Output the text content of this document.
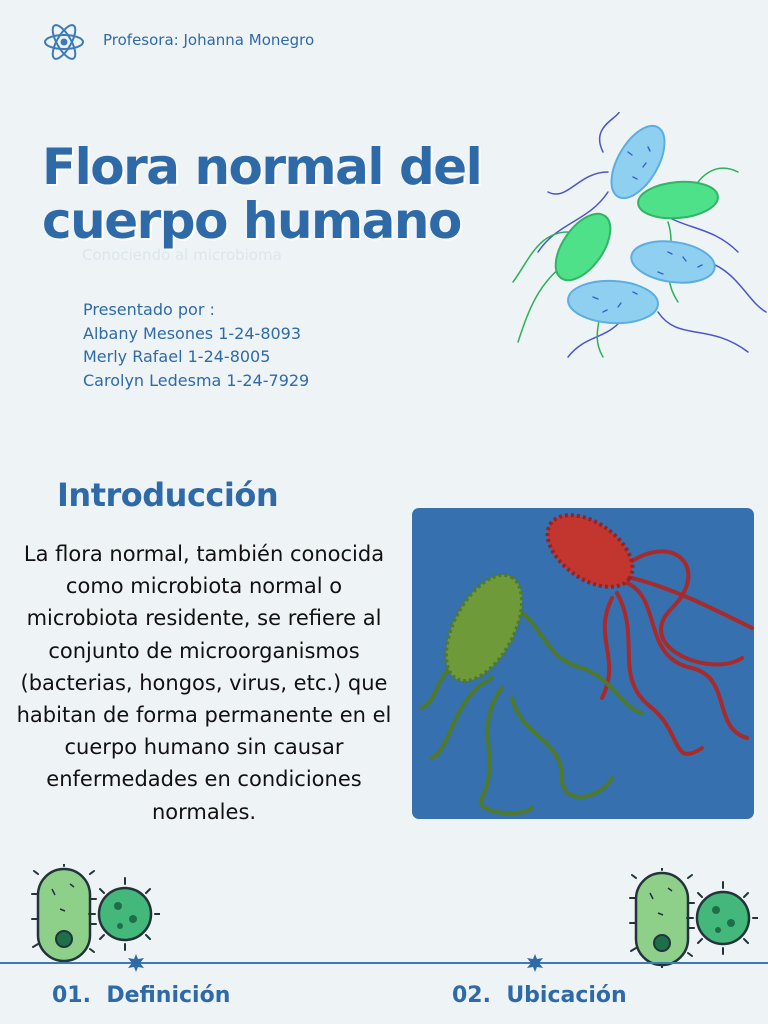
Profesora: Johanna Monegro
Flora normal del
cuerpo humano
Conociendo al microbioma
Presentado por :
Albany Mesones 1-24-8093
Merly Rafael 1-24-8005
Carolyn Ledesma 1-24-7929
Introducción
La flora normal, también conocida como microbiota normal o microbiota residente, se refiere al conjunto de microorganismos (bacterias, hongos, virus, etc.) que habitan de forma permanente en el cuerpo humano sin causar enfermedades en condiciones normales.
01. Definición	02. Ubicación
